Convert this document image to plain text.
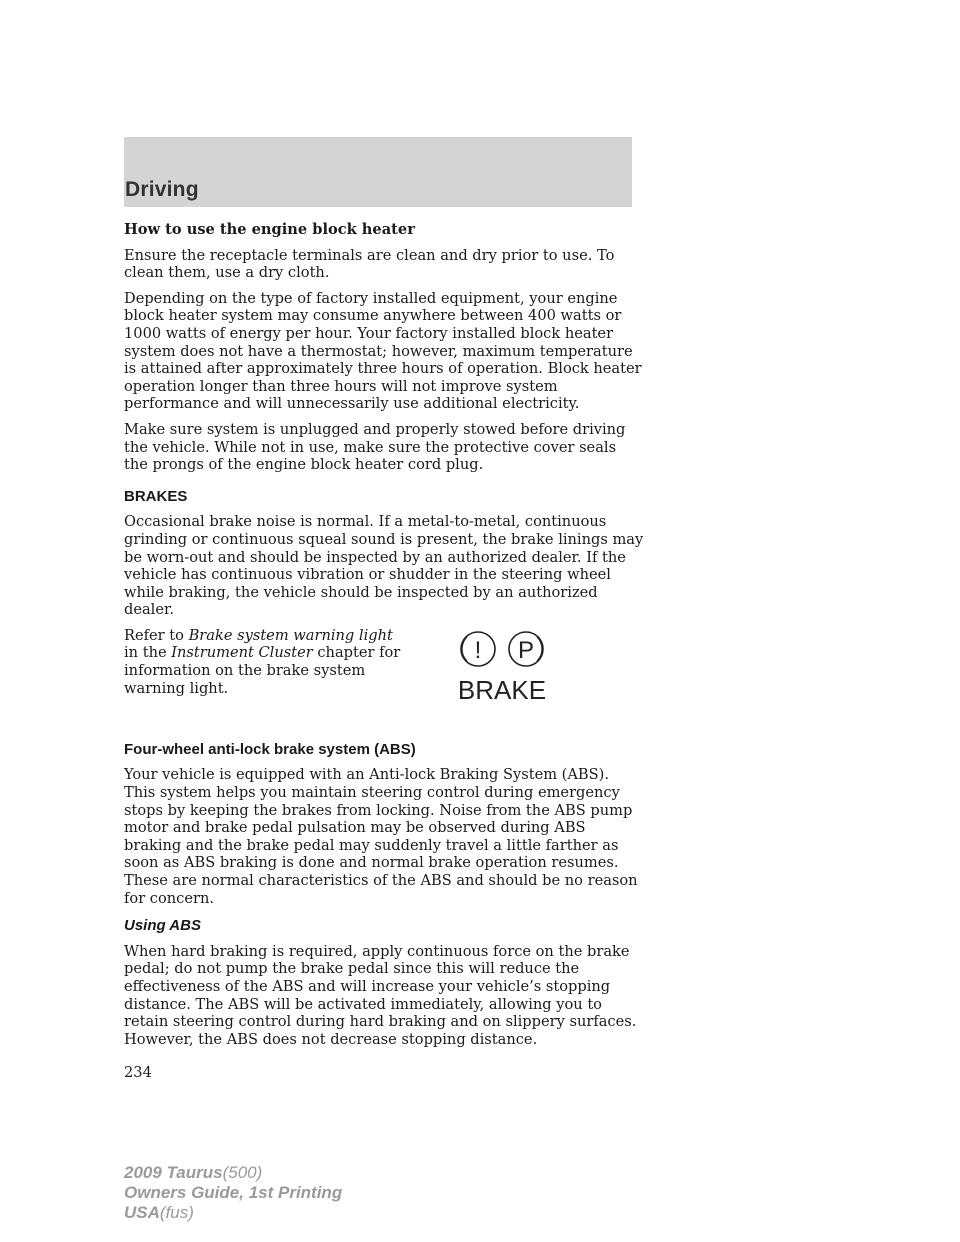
Driving
How to use the engine block heater

Ensure the receptacle terminals are clean and dry prior to use. To clean them, use a dry cloth.

Depending on the type of factory installed equipment, your engine block heater system may consume anywhere between 400 watts or 1000 watts of energy per hour. Your factory installed block heater system does not have a thermostat; however, maximum temperature is attained after approximately three hours of operation. Block heater operation longer than three hours will not improve system performance and will unnecessarily use additional electricity.

Make sure system is unplugged and properly stowed before driving the vehicle. While not in use, make sure the protective cover seals the prongs of the engine block heater cord plug.

BRAKES

Occasional brake noise is normal. If a metal-to-metal, continuous grinding or continuous squeal sound is present, the brake linings may be worn-out and should be inspected by an authorized dealer. If the vehicle has continuous vibration or shudder in the steering wheel while braking, the vehicle should be inspected by an authorized dealer.

Refer to Brake system warning light in the Instrument Cluster chapter for information on the brake system warning light.
! P
BRAKE
Four-wheel anti-lock brake system (ABS)

Your vehicle is equipped with an Anti-lock Braking System (ABS). This system helps you maintain steering control during emergency stops by keeping the brakes from locking. Noise from the ABS pump motor and brake pedal pulsation may be observed during ABS braking and the brake pedal may suddenly travel a little farther as soon as ABS braking is done and normal brake operation resumes. These are normal characteristics of the ABS and should be no reason for concern.

Using ABS

When hard braking is required, apply continuous force on the brake pedal; do not pump the brake pedal since this will reduce the effectiveness of the ABS and will increase your vehicle’s stopping distance. The ABS will be activated immediately, allowing you to retain steering control during hard braking and on slippery surfaces. However, the ABS does not decrease stopping distance.

234
2009 Taurus(500)
Owners Guide, 1st Printing
USA(fus)
